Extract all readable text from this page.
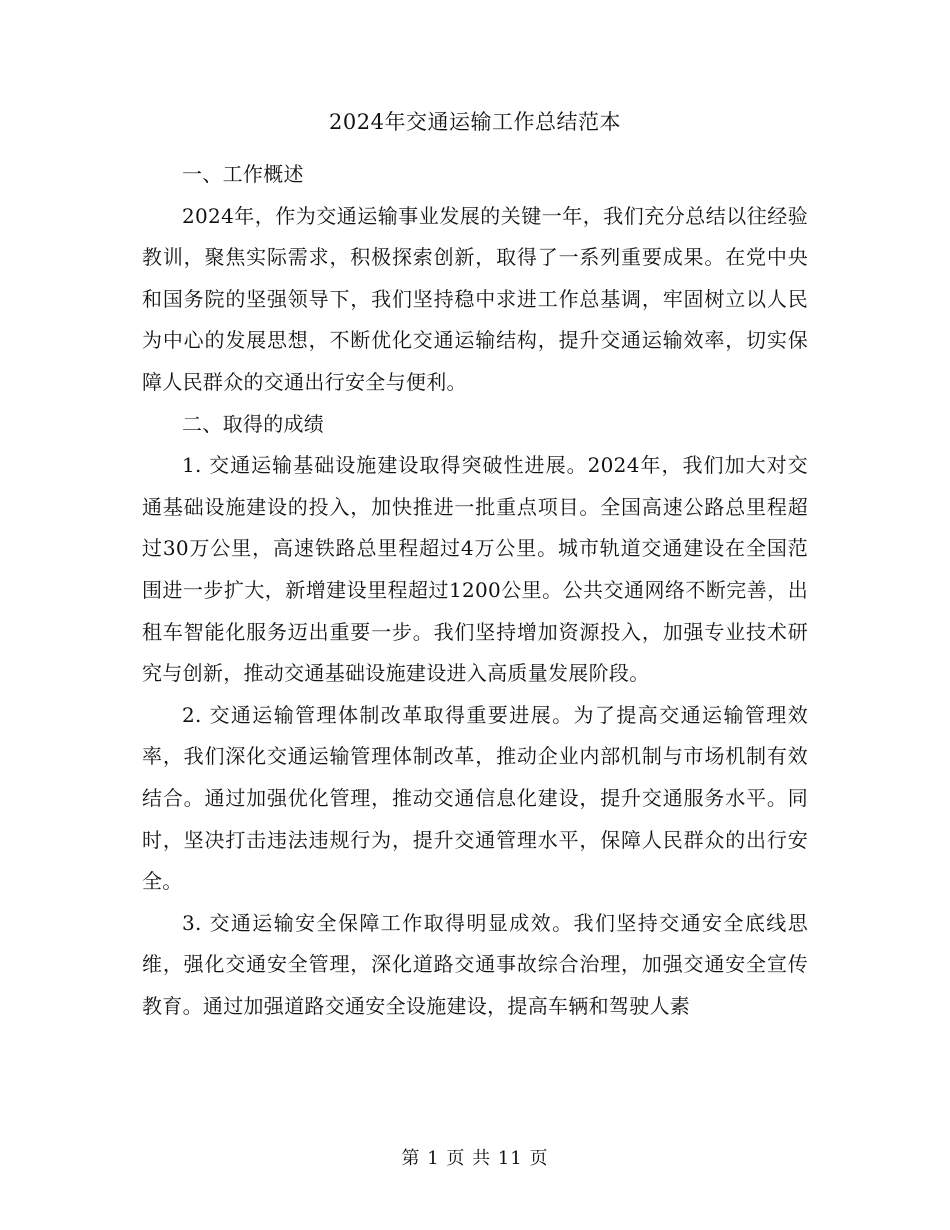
2024年交通运输工作总结范本

一、工作概述

2024年，作为交通运输事业发展的关键一年，我们充分总结以往经验教训，聚焦实际需求，积极探索创新，取得了一系列重要成果。在党中央和国务院的坚强领导下，我们坚持稳中求进工作总基调，牢固树立以人民为中心的发展思想，不断优化交通运输结构，提升交通运输效率，切实保障人民群众的交通出行安全与便利。

二、取得的成绩

1. 交通运输基础设施建设取得突破性进展。2024年，我们加大对交通基础设施建设的投入，加快推进一批重点项目。全国高速公路总里程超过30万公里，高速铁路总里程超过4万公里。城市轨道交通建设在全国范围进一步扩大，新增建设里程超过1200公里。公共交通网络不断完善，出租车智能化服务迈出重要一步。我们坚持增加资源投入，加强专业技术研究与创新，推动交通基础设施建设进入高质量发展阶段。

2. 交通运输管理体制改革取得重要进展。为了提高交通运输管理效率，我们深化交通运输管理体制改革，推动企业内部机制与市场机制有效结合。通过加强优化管理，推动交通信息化建设，提升交通服务水平。同时，坚决打击违法违规行为，提升交通管理水平，保障人民群众的出行安全。

3. 交通运输安全保障工作取得明显成效。我们坚持交通安全底线思维，强化交通安全管理，深化道路交通事故综合治理，加强交通安全宣传教育。通过加强道路交通安全设施建设，提高车辆和驾驶人素

第 1 页 共 11 页
